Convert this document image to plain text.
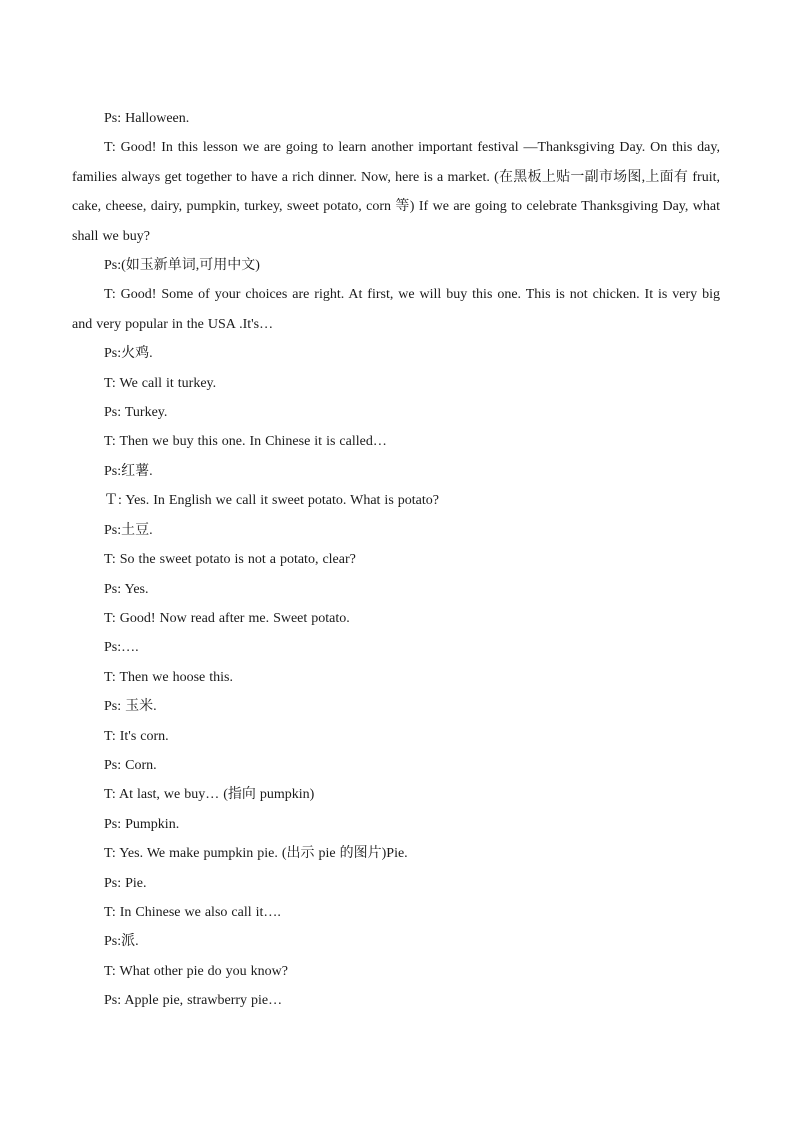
Ps: Halloween.

T: Good! In this lesson we are going to learn another important festival —Thanksgiving Day. On this day, families always get together to have a rich dinner. Now, here is a market. (在黑板上贴一副市场图,上面有 fruit, cake, cheese, dairy, pumpkin, turkey, sweet potato, corn 等) If we are going to celebrate Thanksgiving Day, what shall we buy?

Ps:(如玉新单词,可用中文)

T: Good! Some of your choices are right. At first, we will buy this one. This is not chicken. It is very big and very popular in the USA .It's…

Ps:火鸡.

T: We call it turkey.

Ps: Turkey.

T: Then we buy this one. In Chinese it is called…

Ps:红薯.

Ｔ: Yes. In English we call it sweet potato. What is potato?

Ps:土豆.

T: So the sweet potato is not a potato, clear?

Ps: Yes.

T: Good! Now read after me. Sweet potato.

Ps:….

T: Then we hoose this.

Ps: 玉米.

T: It's corn.

Ps: Corn.

T: At last, we buy… (指向 pumpkin)

Ps: Pumpkin.

T: Yes. We make pumpkin pie. (出示 pie 的图片)Pie.

Ps: Pie.

T: In Chinese we also call it….

Ps:派.

T: What other pie do you know?

Ps: Apple pie, strawberry pie…
